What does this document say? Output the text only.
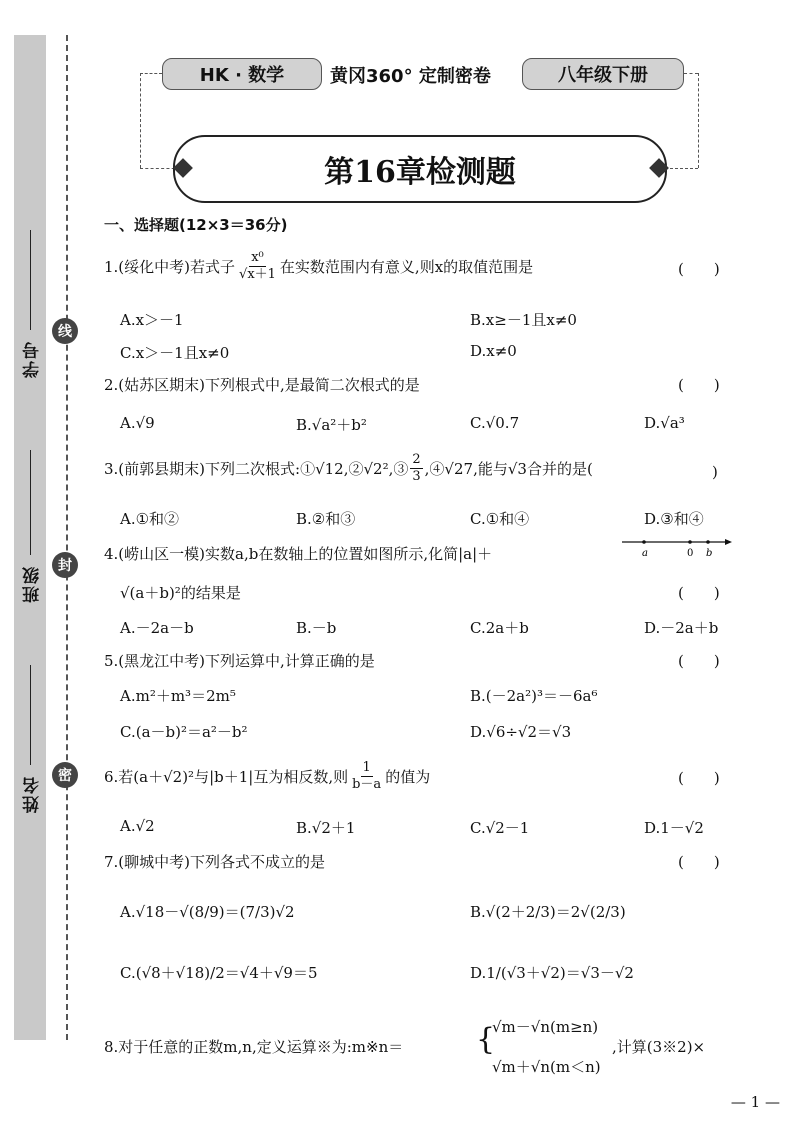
线
封
密
学号
班级
姓名
HK · 数学	黄冈360° 定制密卷	八年级下册
第16章检测题
一、选择题(12×3＝36分)
1.(绥化中考)若式子 $\frac{\text{x⁰}}{√x+1}$ 在实数范围内有意义,则x的取值范围是	(　　)
A.x＞－1	B.x≥－1且x≠0
C.x＞－1且x≠0	D.x≠0
2.(姑苏区期末)下列根式中,是最简二次根式的是	(　　)
A.√9	B.√a²＋b²	C.√0.7	D.√a³
3.(前郭县期末)下列二次根式:①√12,②√2²,③ $\frac{2}{3}$ ,④√27,能与√3合并的是(	)
A.①和②	B.②和③	C.①和④	D.③和④
4.(崂山区一模)实数a,b在数轴上的位置如图所示,化简|a|＋	a	0 b
√(a＋b)²的结果是	(　　)
A.－2a－b	B.－b	C.2a＋b	D.－2a＋b
5.(黑龙江中考)下列运算中,计算正确的是	(　　)
A.m²＋m³＝2m⁵	B.(－2a²)³＝－6a⁶
C.(a－b)²＝a²－b²	D.√6÷√2＝√3
6.若(a＋√2)²与|b＋1|互为相反数,则 $\frac{1}{b-a}$ 的值为	(　　)
A.√2	B.√2＋1	C.√2－1	D.1－√2
7.(聊城中考)下列各式不成立的是	(　　)
A.√18－√(8/9)＝(7/3)√2	B.√(2＋2/3)＝2√(2/3)
C.(√8＋√18)/2＝√4＋√9＝5	D.1/(√3＋√2)＝√3－√2
8.对于任意的正数m,n,定义运算※为:m※n＝ {
√m－√n(m≥n)
√m＋√n(m＜n)
,计算(3※2)×
— 1 —
